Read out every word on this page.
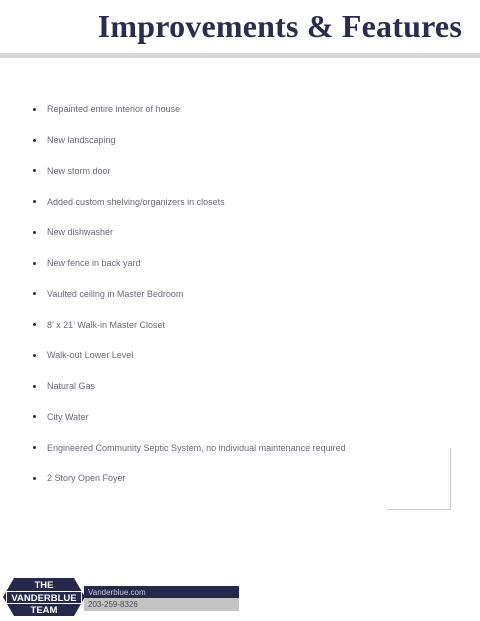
Improvements & Features
Repainted entire interior of house
New landscaping
New storm door
Added custom shelving/organizers in closets
New dishwasher
New fence in back yard
Vaulted ceiling in Master Bedroom
8’ x 21’ Walk-in Master Closet
Walk-out Lower Level
Natural Gas
City Water
Engineered Community Septic System, no individual maintenance required
2 Story Open Foyer
THE
VANDERBLUE
TEAM
Vanderblue.com
203-259-8326
